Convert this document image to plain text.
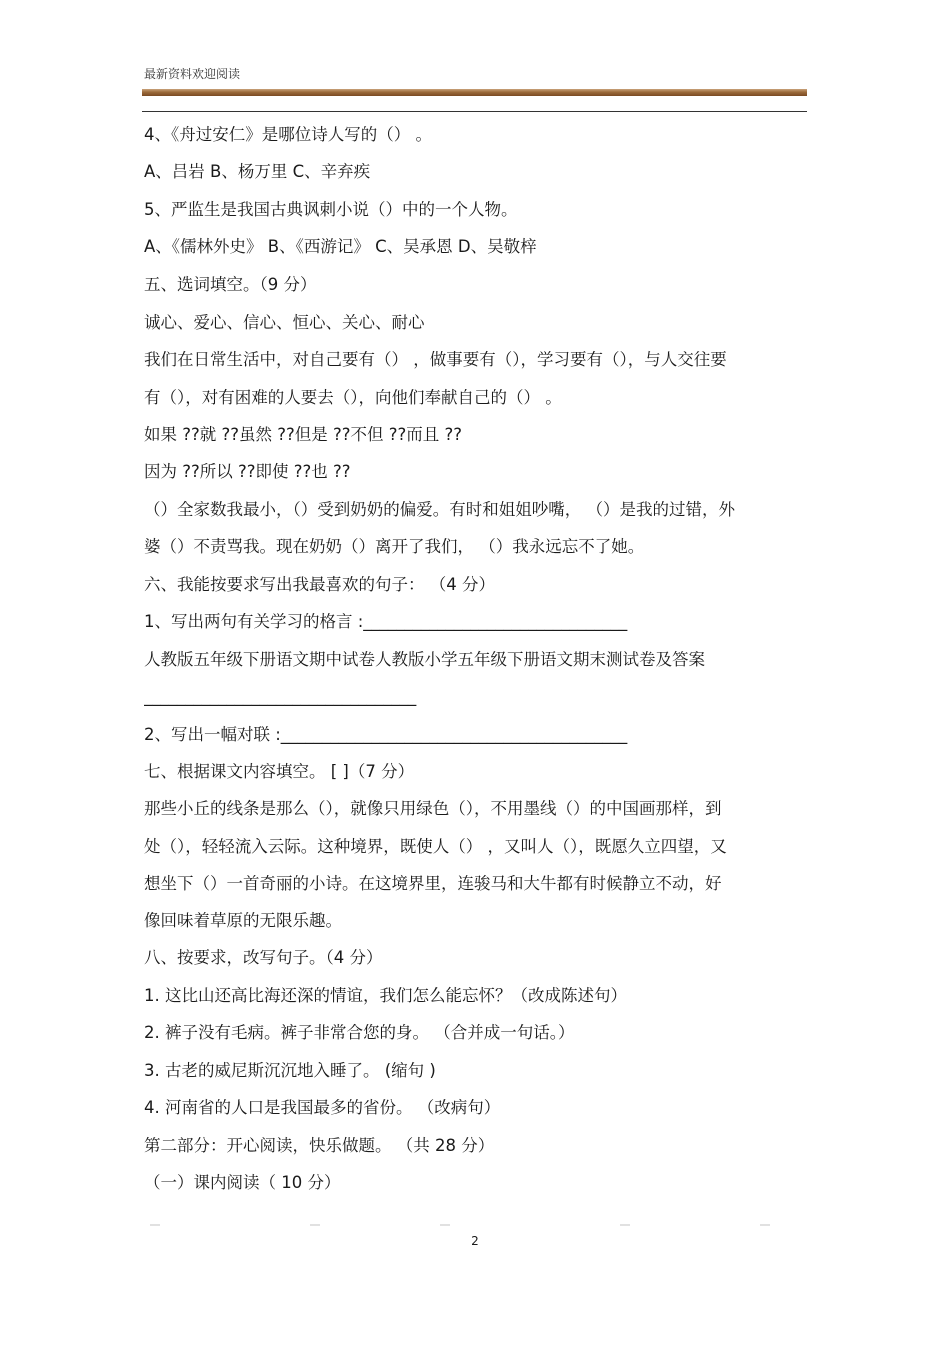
最新资料欢迎阅读
4、《舟过安仁》是哪位诗人写的（） 。
A、吕岩 B、杨万里 C、辛弃疾
5、严监生是我国古典讽刺小说（）中的一个人物。
A、《儒林外史》 B、《西游记》 C、吴承恩 D、吴敬梓
五、选词填空。（9 分）
诚心、爱心、信心、恒心、关心、耐心
我们在日常生活中，对自己要有（） ，做事要有（），学习要有（），与人交往要
有（），对有困难的人要去（），向他们奉献自己的（） 。
如果 ??就 ??虽然 ??但是 ??不但 ??而且 ??
因为 ??所以 ??即使 ??也 ??
（）全家数我最小，（）受到奶奶的偏爱。有时和姐姐吵嘴， （）是我的过错，外
婆（）不责骂我。现在奶奶（）离开了我们， （）我永远忘不了她。
六、我能按要求写出我最喜欢的句子： （4 分）
1、写出两句有关学习的格言 :________________________________
人教版五年级下册语文期中试卷人教版小学五年级下册语文期末测试卷及答案
_________________________________
2、写出一幅对联 :__________________________________________
七、根据课文内容填空。 [ ]（7 分）
那些小丘的线条是那么（），就像只用绿色（），不用墨线（）的中国画那样，到
处（），轻轻流入云际。这种境界，既使人（） ，又叫人（），既愿久立四望，又
想坐下（）一首奇丽的小诗。在这境界里，连骏马和大牛都有时候静立不动，好
像回味着草原的无限乐趣。
八、按要求，改写句子。（4 分）
1. 这比山还高比海还深的情谊，我们怎么能忘怀？（改成陈述句）
2. 裤子没有毛病。裤子非常合您的身。 （合并成一句话。）
3. 古老的威尼斯沉沉地入睡了。 (缩句 )
4. 河南省的人口是我国最多的省份。 （改病句）
第二部分：开心阅读，快乐做题。 （共 28 分）
（一）课内阅读（ 10 分）
2
